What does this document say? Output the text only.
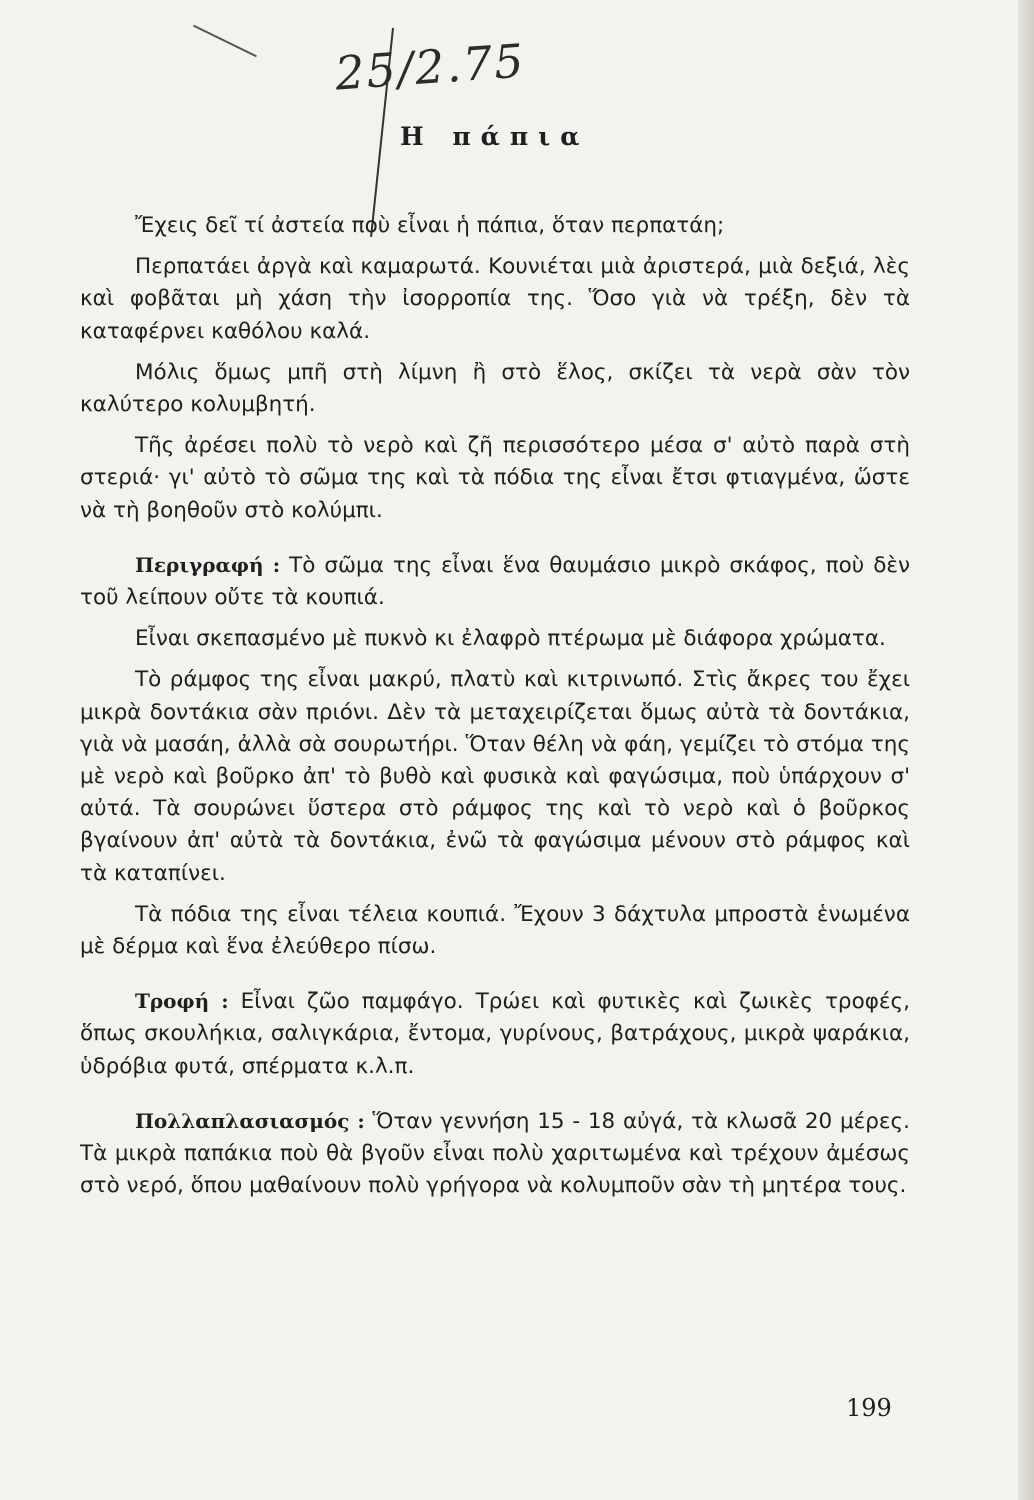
25/2.75
Η πάπια

Ἔχεις δεῖ τί ἀστεία ποὺ εἶναι ἡ πάπια, ὅταν περπατάη;

Περπατάει ἀργὰ καὶ καμαρωτά. Κουνιέται μιὰ ἀριστερά, μιὰ δεξιά, λὲς καὶ φοβᾶται μὴ χάση τὴν ἰσορροπία της. Ὅσο γιὰ νὰ τρέξη, δὲν τὰ καταφέρνει καθόλου καλά.

Μόλις ὅμως μπῆ στὴ λίμνη ἢ στὸ ἕλος, σκίζει τὰ νερὰ σὰν τὸν καλύτερο κολυμβητή.

Τῆς ἀρέσει πολὺ τὸ νερὸ καὶ ζῆ περισσότερο μέσα σ' αὐτὸ παρὰ στὴ στεριά· γι' αὐτὸ τὸ σῶμα της καὶ τὰ πόδια της εἶναι ἔτσι φτιαγμένα, ὥστε νὰ τὴ βοηθοῦν στὸ κολύμπι.

Περιγραφή : Τὸ σῶμα της εἶναι ἕνα θαυμάσιο μικρὸ σκάφος, ποὺ δὲν τοῦ λείπουν οὔτε τὰ κουπιά.

Εἶναι σκεπασμένο μὲ πυκνὸ κι ἐλαφρὸ πτέρωμα μὲ διάφορα χρώματα.

Τὸ ράμφος της εἶναι μακρύ, πλατὺ καὶ κιτρινωπό. Στὶς ἄκρες του ἔχει μικρὰ δοντάκια σὰν πριόνι. Δὲν τὰ μεταχειρίζεται ὅμως αὐτὰ τὰ δοντάκια, γιὰ νὰ μασάη, ἀλλὰ σὰ σουρωτήρι. Ὅταν θέλη νὰ φάη, γεμίζει τὸ στόμα της μὲ νερὸ καὶ βοῦρκο ἀπ' τὸ βυθὸ καὶ φυσικὰ καὶ φαγώσιμα, ποὺ ὑπάρχουν σ' αὐτά. Τὰ σουρώνει ὕστερα στὸ ράμφος της καὶ τὸ νερὸ καὶ ὁ βοῦρκος βγαίνουν ἀπ' αὐτὰ τὰ δοντάκια, ἐνῶ τὰ φαγώσιμα μένουν στὸ ράμφος καὶ τὰ καταπίνει.

Τὰ πόδια της εἶναι τέλεια κουπιά. Ἔχουν 3 δάχτυλα μπροστὰ ἑνωμένα μὲ δέρμα καὶ ἕνα ἐλεύθερο πίσω.

Τροφή : Εἶναι ζῶο παμφάγο. Τρώει καὶ φυτικὲς καὶ ζωικὲς τροφές, ὅπως σκουλήκια, σαλιγκάρια, ἔντομα, γυρίνους, βατράχους, μικρὰ ψαράκια, ὑδρόβια φυτά, σπέρματα κ.λ.π.

Πολλαπλασιασμός : Ὅταν γεννήση 15 - 18 αὐγά, τὰ κλωσᾶ 20 μέρες. Τὰ μικρὰ παπάκια ποὺ θὰ βγοῦν εἶναι πολὺ χαριτωμένα καὶ τρέχουν ἀμέσως στὸ νερό, ὅπου μαθαίνουν πολὺ γρήγορα νὰ κολυμποῦν σὰν τὴ μητέρα τους.

199
